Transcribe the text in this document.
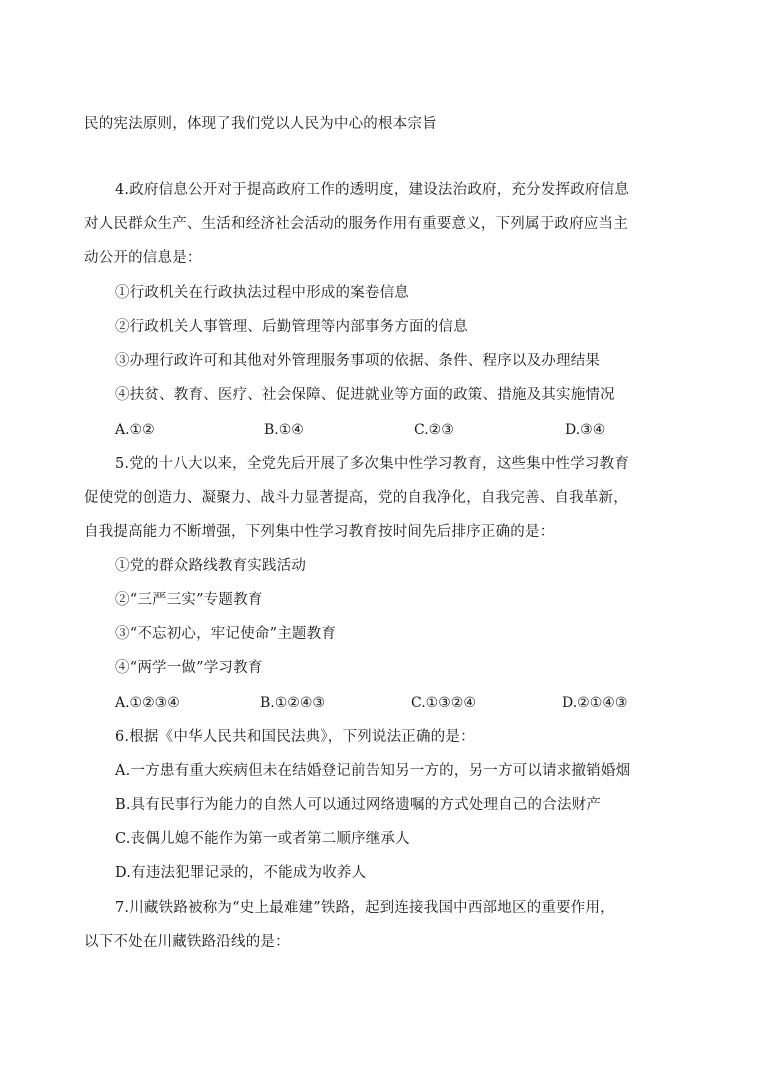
民的宪法原则，体现了我们党以人民为中心的根本宗旨
4.政府信息公开对于提高政府工作的透明度，建设法治政府，充分发挥政府信息
对人民群众生产、生活和经济社会活动的服务作用有重要意义，下列属于政府应当主
动公开的信息是：
①行政机关在行政执法过程中形成的案卷信息
②行政机关人事管理、后勤管理等内部事务方面的信息
③办理行政许可和其他对外管理服务事项的依据、条件、程序以及办理结果
④扶贫、教育、医疗、社会保障、促进就业等方面的政策、措施及其实施情况
A.①②	B.①④	C.②③	D.③④
5.党的十八大以来，全党先后开展了多次集中性学习教育，这些集中性学习教育
促使党的创造力、凝聚力、战斗力显著提高，党的自我净化，自我完善、自我革新，
自我提高能力不断增强，下列集中性学习教育按时间先后排序正确的是：
①党的群众路线教育实践活动
②“三严三实”专题教育
③“不忘初心，牢记使命”主题教育
④“两学一做”学习教育
A.①②③④	B.①②④③	C.①③②④	D.②①④③
6.根据《中华人民共和国民法典》，下列说法正确的是：
A.一方患有重大疾病但未在结婚登记前告知另一方的，另一方可以请求撤销婚烟
B.具有民事行为能力的自然人可以通过网络遗嘱的方式处理自己的合法财产
C.丧偶儿媳不能作为第一或者第二顺序继承人
D.有违法犯罪记录的，不能成为收养人
7.川藏铁路被称为“史上最难建”铁路，起到连接我国中西部地区的重要作用，
以下不处在川藏铁路沿线的是：
